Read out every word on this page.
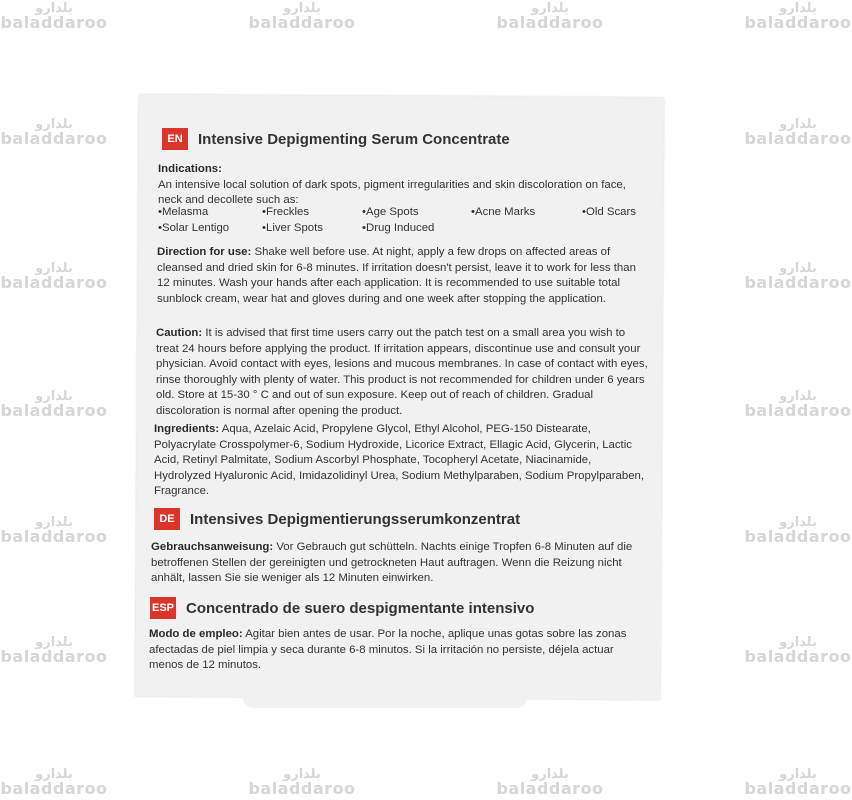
بلدارو
baladdaroo
بلدارو
baladdaroo
بلدارو
baladdaroo
بلدارو
baladdaroo
بلدارو
baladdaroo
بلدارو
baladdaroo
بلدارو
baladdaroo
بلدارو
baladdaroo
بلدارو
baladdaroo
بلدارو
baladdaroo
بلدارو
baladdaroo
بلدارو
baladdaroo
بلدارو
baladdaroo
بلدارو
baladdaroo
بلدارو
baladdaroo
بلدارو
baladdaroo
بلدارو
baladdaroo
بلدارو
baladdaroo
EN	Intensive Depigmenting Serum Concentrate
Indications:
An intensive local solution of dark spots, pigment irregularities and skin discoloration on face, neck and decollete such as:
• Melasma	• Freckles	• Age Spots	• Acne Marks	• Old Scars
• Solar Lentigo	• Liver Spots	• Drug Induced
Direction for use: Shake well before use. At night, apply a few drops on affected areas of cleansed and dried skin for 6-8 minutes. If irritation doesn't persist, leave it to work for less than 12 minutes. Wash your hands after each application. It is recommended to use suitable total sunblock cream, wear hat and gloves during and one week after stopping the application.
Caution: It is advised that first time users carry out the patch test on a small area you wish to treat 24 hours before applying the product. If irritation appears, discontinue use and consult your physician. Avoid contact with eyes, lesions and mucous membranes. In case of contact with eyes, rinse thoroughly with plenty of water. This product is not recommended for children under 6 years old. Store at 15-30 ° C and out of sun exposure. Keep out of reach of children. Gradual discoloration is normal after opening the product.
Ingredients: Aqua, Azelaic Acid, Propylene Glycol, Ethyl Alcohol, PEG-150 Distearate, Polyacrylate Crosspolymer-6, Sodium Hydroxide, Licorice Extract, Ellagic Acid, Glycerin, Lactic Acid, Retinyl Palmitate, Sodium Ascorbyl Phosphate, Tocopheryl Acetate, Niacinamide, Hydrolyzed Hyaluronic Acid, Imidazolidinyl Urea, Sodium Methylparaben, Sodium Propylparaben, Fragrance.
DE	Intensives Depigmentierungsserumkonzentrat
Gebrauchsanweisung: Vor Gebrauch gut schütteln. Nachts einige Tropfen 6-8 Minuten auf die betroffenen Stellen der gereinigten und getrockneten Haut auftragen. Wenn die Reizung nicht anhält, lassen Sie sie weniger als 12 Minuten einwirken.
ESP Concentrado de suero despigmentante intensivo
Modo de empleo: Agitar bien antes de usar. Por la noche, aplique unas gotas sobre las zonas afectadas de piel limpia y seca durante 6-8 minutos. Si la irritación no persiste, déjela actuar menos de 12 minutos.
